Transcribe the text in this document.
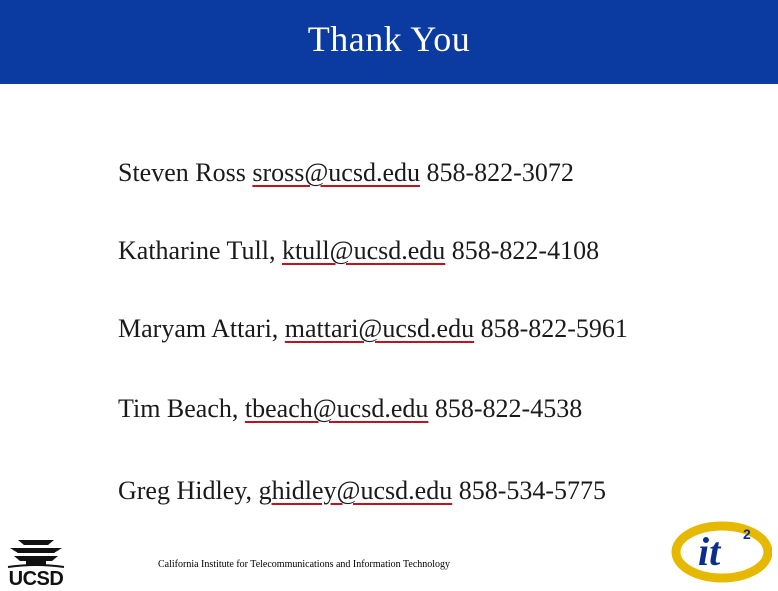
Thank You
Steven Ross sross@ucsd.edu 858-822-3072
Katharine Tull, ktull@ucsd.edu 858-822-4108
Maryam Attari, mattari@ucsd.edu 858-822-5961
Tim Beach, tbeach@ucsd.edu 858-822-4538
Greg Hidley, ghidley@ucsd.edu 858-534-5775
UCSD
California Institute for Telecommunications and Information Technology	it 2
